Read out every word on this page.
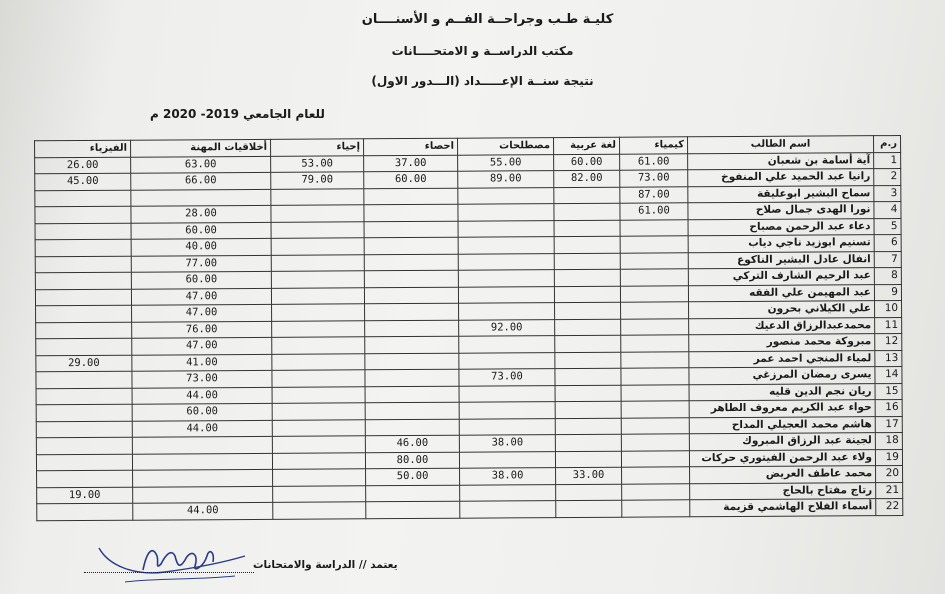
كليـة طـب وجراحــة الفــم و الأسنــــان
مكتب الدراســة و الامتحــــانات
نتيجة سنــة الإعـــــداد (الـــدور الاول)
للعام الجامعي 2019- 2020 م
ر.م	اسم الطالب	كيمياء	لغة عربية	مصطلحات	احصاء	إحياء	أخلاقيات المهنة	الفيزياء
1	آية أسامة بن شعبان	61.00	60.00	55.00	37.00	53.00	63.00	26.00
2	رانيا عبد الحميد علي المنفوخ	73.00	82.00	89.00	60.00	79.00	66.00	45.00
3	سماح البشير ابوعليقة	87.00						
4	نورا الهدى جمال صلاح	61.00					28.00	
5	دعاء عبد الرحمن مصباح						60.00	
6	تسنيم ابوزيد ناجي دياب						40.00	
7	انفال عادل البشير الناكوع						77.00	
8	عبد الرحيم الشارف التركي						60.00	
9	عبد المهيمن علي الفقه						47.00	
10	علي الكيلاني بحرون						47.00	
11	محمدعبدالرزاق الدعيك			92.00			76.00	
12	مبروكة محمد منصور						47.00	
13	لمياء المنجي احمد عمر						41.00	29.00
14	يسرى رمضان المرزغي			73.00			73.00	
15	ريان نجم الدين قليه						44.00	
16	حواء عبد الكريم معروف الطاهر						60.00	
17	هاشم محمد العجيلي المداح						44.00	
18	لجينة عبد الرزاق المبروك			38.00	46.00			
19	ولاء عبد الرحمن الفيتوري حركات				80.00			
20	محمد عاطف العريض		33.00	38.00	50.00			
21	رتاج مفتاح بالحاج							19.00
22	أسماء الفلاح الهاشمي قزيمة						44.00	
يعتمد // الدراسة والامتحانات
